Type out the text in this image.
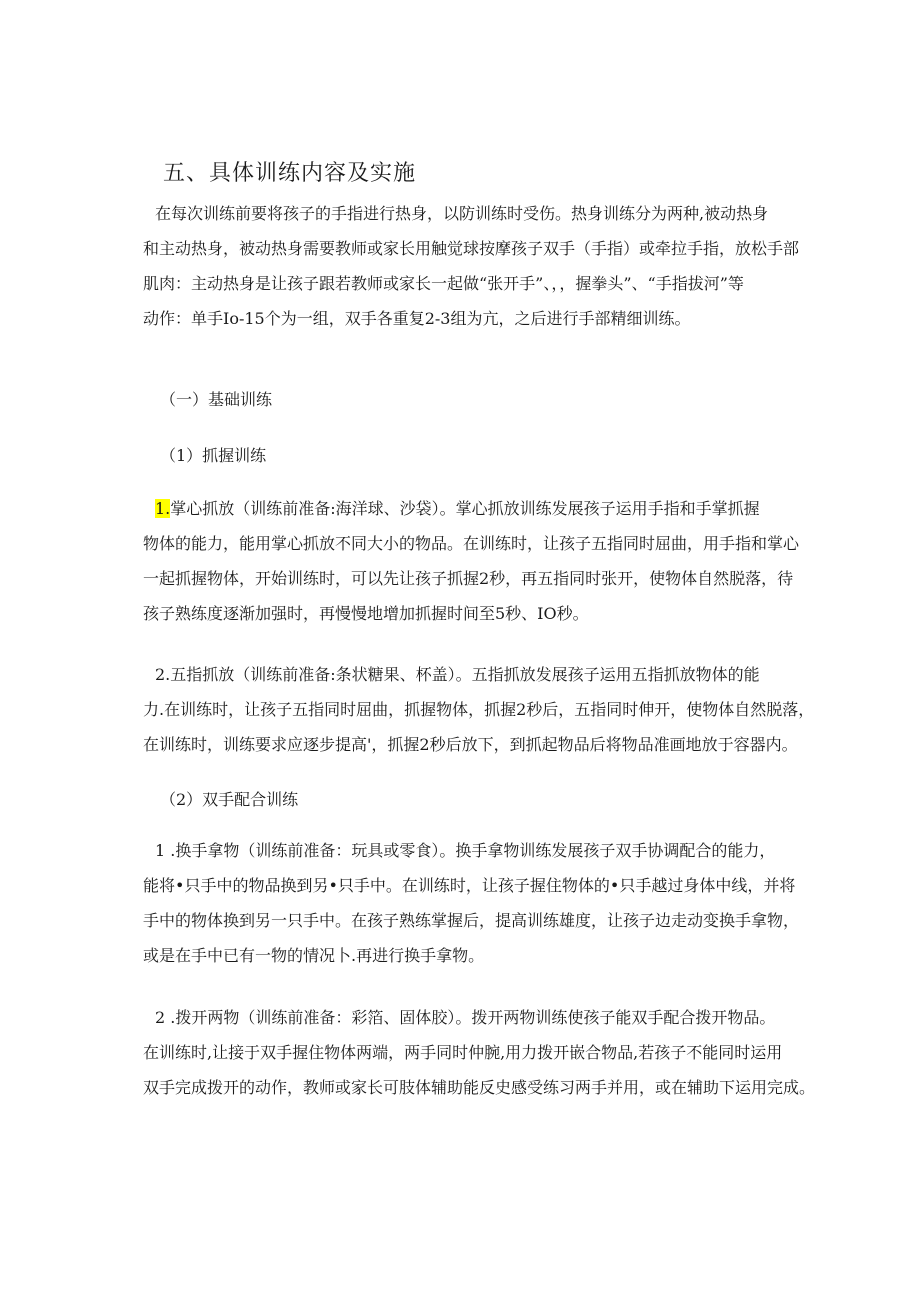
五、具体训练内容及实施
在每次训练前要将孩子的手指进行热身，以防训练时受伤。热身训练分为两种,被动热身
和主动热身，被动热身需要教师或家长用触觉球按摩孩子双手（手指）或牵拉手指，放松手部
肌肉：主动热身是让孩子跟若教师或家长一起做“张开手”、，，握拳头”、“手指拔河”等
动作：单手Io-15个为一组，双手各重复2-3组为亢，之后进行手部精细训练。
（一）基础训练
（1）抓握训练
1.掌心抓放（训练前准备:海洋球、沙袋）。掌心抓放训练发展孩子运用手指和手掌抓握
物体的能力，能用掌心抓放不同大小的物品。在训练时，让孩子五指同时屈曲，用手指和掌心
一起抓握物体，开始训练时，可以先让孩子抓握2秒，再五指同时张开，使物体自然脱落，待
孩子熟练度逐渐加强时，再慢慢地增加抓握时间至5秒、IO秒。
2.五指抓放（训练前准备:条状糖果、杯盖）。五指抓放发展孩子运用五指抓放物体的能
力.在训练时，让孩子五指同时屈曲，抓握物体，抓握2秒后，五指同时伸开，使物体自然脱落，
在训练时，训练要求应逐步提高'，抓握2秒后放下，到抓起物品后将物品准画地放于容器内。
（2）双手配合训练
1 .换手拿物（训练前准备：玩具或零食）。换手拿物训练发展孩子双手协调配合的能力，
能将•只手中的物品换到另•只手中。在训练时，让孩子握住物体的•只手越过身体中线，并将
手中的物体换到另一只手中。在孩子熟练掌握后，提高训练雄度，让孩子边走动变换手拿物，
或是在手中已有一物的情况卜.再进行换手拿物。
2 .拨开两物（训练前准备：彩箔、固体胶）。拨开两物训练使孩子能双手配合拨开物品。
在训练时,让接于双手握住物体两端，两手同时仲腕,用力拨开嵌合物品,若孩子不能同时运用
双手完成拨开的动作，教师或家长可肢体辅助能反史感受练习两手并用，或在辅助下运用完成。
